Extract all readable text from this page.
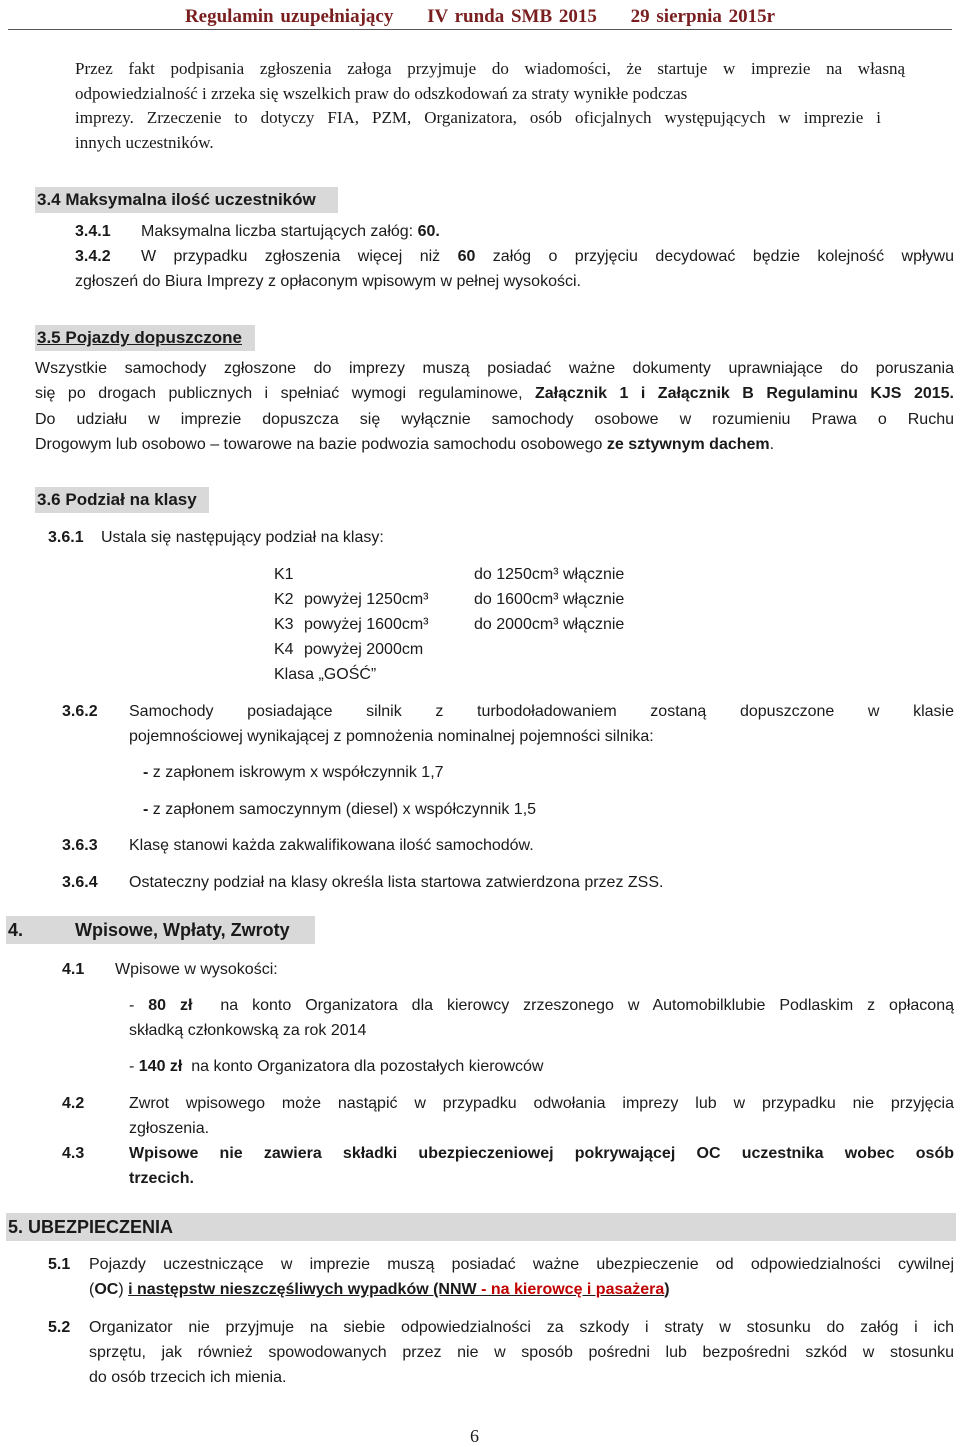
Regulamin uzupełniający     IV runda SMB 2015     29 sierpnia 2015r
Przez fakt podpisania zgłoszenia załoga przyjmuje do wiadomości, że startuje w imprezie na własną
odpowiedzialność i zrzeka się wszelkich praw do odszkodowań za straty wynikłe podczas
imprezy. Zrzeczenie to dotyczy FIA, PZM, Organizatora, osób oficjalnych występujących w imprezie i
innych uczestników.
3.4 Maksymalna ilość uczestników
3.4.1 Maksymalna liczba startujących załóg: 60.
3.4.2 W przypadku zgłoszenia więcej niż 60 załóg o przyjęciu decydować będzie kolejność wpływu
zgłoszeń do Biura Imprezy z opłaconym wpisowym w pełnej wysokości.
3.5 Pojazdy dopuszczone
Wszystkie samochody zgłoszone do imprezy muszą posiadać ważne dokumenty uprawniające do poruszania
się po drogach publicznych i spełniać wymogi regulaminowe, Załącznik 1 i Załącznik B Regulaminu KJS 2015.
Do udziału w imprezie dopuszcza się wyłącznie samochody osobowe w rozumieniu Prawa o Ruchu
Drogowym lub osobowo – towarowe na bazie podwozia samochodu osobowego ze sztywnym dachem.
3.6 Podział na klasy
3.6.1 Ustala się następujący podział na klasy:
K1	do 1250cm³ włącznie
K2 powyżej 1250cm³	do 1600cm³ włącznie
K3 powyżej 1600cm³	do 2000cm³ włącznie
K4 powyżej 2000cm
Klasa „GOŚĆ”
3.6.2 Samochody posiadające silnik z turbodoładowaniem zostaną dopuszczone w klasie
pojemnościowej wynikającej z pomnożenia nominalnej pojemności silnika:
- z zapłonem iskrowym x współczynnik 1,7
- z zapłonem samoczynnym (diesel) x współczynnik 1,5
3.6.3 Klasę stanowi każda zakwalifikowana ilość samochodów.
3.6.4 Ostateczny podział na klasy określa lista startowa zatwierdzona przez ZSS.
4.	Wpisowe, Wpłaty, Zwroty
4.1 Wpisowe w wysokości:
- 80 zł  na konto Organizatora dla kierowcy zrzeszonego w Automobilklubie Podlaskim z opłaconą
składką członkowską za rok 2014
- 140 zł  na konto Organizatora dla pozostałych kierowców
4.2	Zwrot wpisowego może nastąpić w przypadku odwołania imprezy lub w przypadku nie przyjęcia
zgłoszenia.
4.3	Wpisowe nie zawiera składki ubezpieczeniowej pokrywającej OC uczestnika wobec osób
trzecich.
5. UBEZPIECZENIA
5.1 Pojazdy uczestniczące w imprezie muszą posiadać ważne ubezpieczenie od odpowiedzialności cywilnej
(OC) i następstw nieszczęśliwych wypadków (NNW - na kierowcę i pasażera)
5.2 Organizator nie przyjmuje na siebie odpowiedzialności za szkody i straty w stosunku do załóg i ich
sprzętu, jak również spowodowanych przez nie w sposób pośredni lub bezpośredni szkód w stosunku
do osób trzecich ich mienia.
6
